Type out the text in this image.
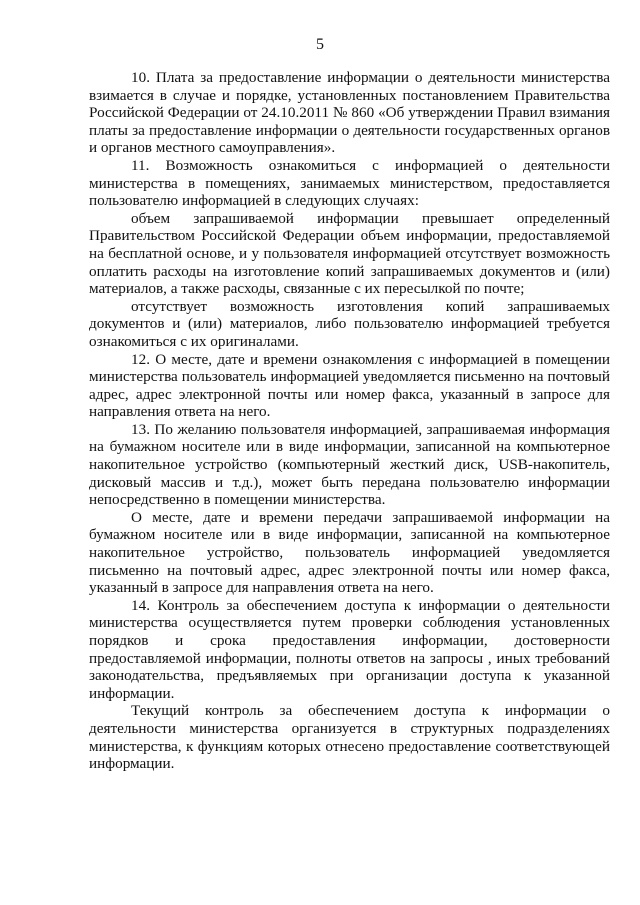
5

10. Плата за предоставление информации о деятельности министерства взимается в случае и порядке, установленных постановлением Правительства Российской Федерации от 24.10.2011 № 860 «Об утверждении Правил взимания платы за предоставление информации о деятельности государственных органов и органов местного самоуправления».

11. Возможность ознакомиться с информацией о деятельности министерства в помещениях, занимаемых министерством, предоставляется пользователю информацией в следующих случаях:

объем запрашиваемой информации превышает определенный Правительством Российской Федерации объем информации, предоставляемой на бесплатной основе, и у пользователя информацией отсутствует возможность оплатить расходы на изготовление копий запрашиваемых документов и (или) материалов, а также расходы, связанные с их пересылкой по почте;

отсутствует возможность изготовления копий запрашиваемых документов и (или) материалов, либо пользователю информацией требуется ознакомиться с их оригиналами.

12. О месте, дате и времени ознакомления с информацией в помещении министерства пользователь информацией уведомляется письменно на почтовый адрес, адрес электронной почты или номер факса, указанный в запросе для направления ответа на него.

13. По желанию пользователя информацией, запрашиваемая информация на бумажном носителе или в виде информации, записанной на компьютерное накопительное устройство (компьютерный жесткий диск, USB-накопитель, дисковый массив и т.д.), может быть передана пользователю информации непосредственно в помещении министерства.

О месте, дате и времени передачи запрашиваемой информации на бумажном носителе или в виде информации, записанной на компьютерное накопительное устройство, пользователь информацией уведомляется письменно на почтовый адрес, адрес электронной почты или номер факса, указанный в запросе для направления ответа на него.

14. Контроль за обеспечением доступа к информации о деятельности министерства осуществляется путем проверки соблюдения установленных порядков и срока предоставления информации, достоверности предоставляемой информации, полноты ответов на запросы , иных требований законодательства, предъявляемых при организации доступа к указанной информации.

Текущий контроль за обеспечением доступа к информации о деятельности министерства организуется в структурных подразделениях министерства, к функциям которых отнесено предоставление соответствующей информации.
